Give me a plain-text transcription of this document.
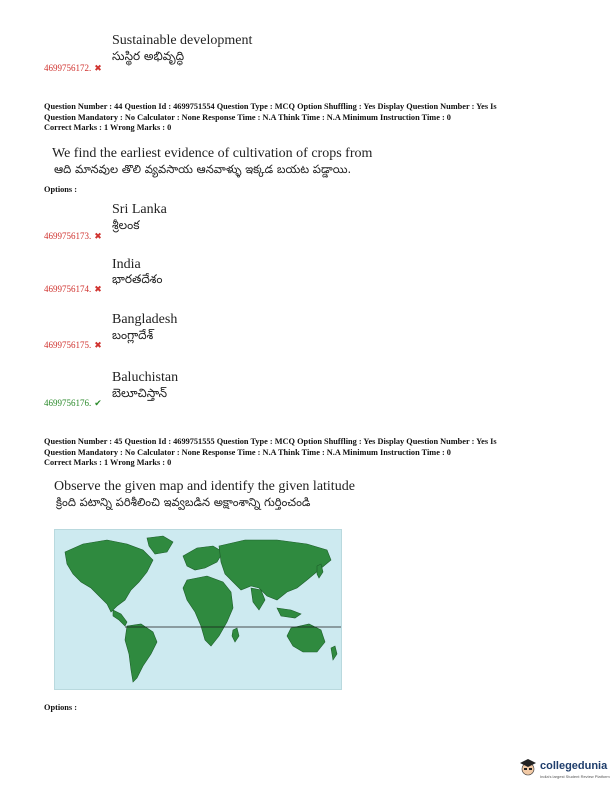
Sustainable development
సుస్థిర అభివృద్ధి
4699756172. ✖
Question Number : 44 Question Id : 4699751554 Question Type : MCQ Option Shuffling : Yes Display Question Number : Yes Is
Question Mandatory : No Calculator : None Response Time : N.A Think Time : N.A Minimum Instruction Time : 0
Correct Marks : 1 Wrong Marks : 0
We find the earliest evidence of cultivation of crops from
ఆది మానవుల తొలి వ్యవసాయ ఆనవాళ్ళు ఇక్కడ బయట పడ్డాయి.
Options :
Sri Lanka
శ్రీలంక
4699756173. ✖
India
భారతదేశం
4699756174. ✖
Bangladesh
బంగ్లాదేశ్
4699756175. ✖
Baluchistan
బెలూచిస్తాన్
4699756176. ✔
Question Number : 45 Question Id : 4699751555 Question Type : MCQ Option Shuffling : Yes Display Question Number : Yes Is
Question Mandatory : No Calculator : None Response Time : N.A Think Time : N.A Minimum Instruction Time : 0
Correct Marks : 1 Wrong Marks : 0
Observe the given map and identify the given latitude
క్రింది పటాన్ని పరిశీలించి ఇవ్వబడిన అక్షాంశాన్ని గుర్తించండి
Options :
collegedunia
India's largest Student Review Platform
